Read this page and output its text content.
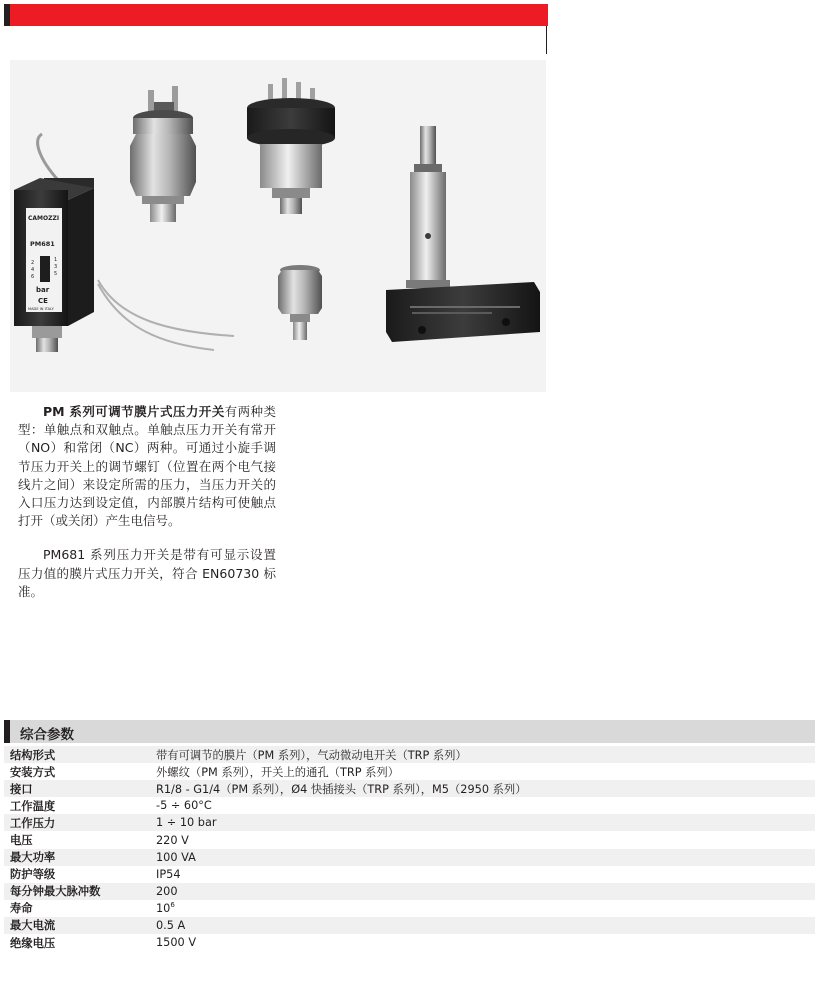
CAMOZZI
PM681
2
4
6
1
3
5
bar
CE
MADE IN ITALY

PM 系列可调节膜片式压力开关有两种类型：单触点和双触点。单触点压力开关有常开（NO）和常闭（NC）两种。可通过小旋手调节压力开关上的调节螺钉（位置在两个电气接线片之间）来设定所需的压力，当压力开关的入口压力达到设定值，内部膜片结构可使触点打开（或关闭）产生电信号。

PM681 系列压力开关是带有可显示设置压力值的膜片式压力开关，符合 EN60730 标准。

综合参数
结构形式	带有可调节的膜片（PM 系列），气动微动电开关（TRP 系列）
安装方式	外螺纹（PM 系列），开关上的通孔（TRP 系列）
接口	R1/8 - G1/4（PM 系列），Ø4 快插接头（TRP 系列），M5（2950 系列）
工作温度	-5 ÷ 60°C
工作压力	1 ÷ 10 bar
电压	220 V
最大功率	100 VA
防护等级	IP54
每分钟最大脉冲数	200
寿命	$10^6$
最大电流	0.5 A
绝缘电压	1500 V
